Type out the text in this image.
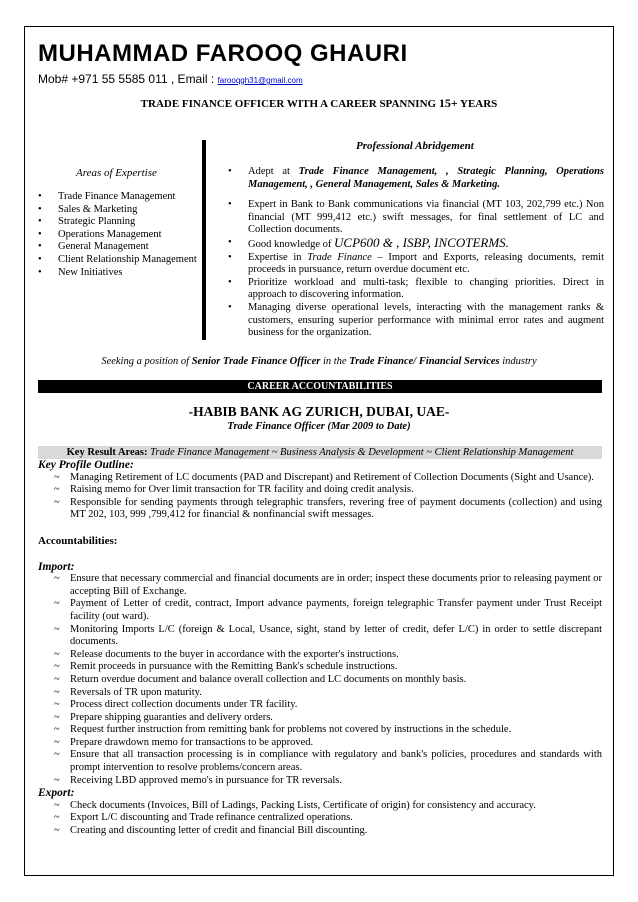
MUHAMMAD FAROOQ GHAURI
Mob# +971 55 5585 011 , Email : farooqgh31@gmail.com
TRADE FINANCE OFFICER WITH A CAREER SPANNING 15+ YEARS
Areas of Expertise
• Trade Finance Management
• Sales & Marketing
• Strategic Planning
• Operations Management
• General Management
• Client Relationship Management
• New Initiatives
Professional Abridgement
• Adept at Trade Finance Management, , Strategic Planning, Operations Management, , General Management, Sales & Marketing.
• Expert in Bank to Bank communications via financial (MT 103, 202,799 etc.) Non financial (MT 999,412 etc.) swift messages, for final settlement of LC and Collection documents.
• Good knowledge of UCP600 & , ISBP, INCOTERMS.
• Expertise in Trade Finance – Import and Exports, releasing documents, remit proceeds in pursuance, return overdue document etc.
• Prioritize workload and multi-task; flexible to changing priorities. Direct in approach to discovering information.
• Managing diverse operational levels, interacting with the management ranks & customers, ensuring superior performance with minimal error rates and augment business for the organization.
Seeking a position of Senior Trade Finance Officer in the Trade Finance/ Financial Services industry
CAREER ACCOUNTABILITIES
-HABIB BANK AG ZURICH, DUBAI, UAE-
Trade Finance Officer (Mar 2009 to Date)
Key Result Areas: Trade Finance Management ~ Business Analysis & Development ~ Client Relationship Management
Key Profile Outline:
~ Managing Retirement of LC documents (PAD and Discrepant) and Retirement of Collection Documents (Sight and Usance).
~ Raising memo for Over limit transaction for TR facility and doing credit analysis.
~ Responsible for sending payments through telegraphic transfers, revering free of payment documents (collection) and using MT 202, 103, 999 ,799,412 for financial & nonfinancial swift messages.
Accountabilities:
Import:
~ Ensure that necessary commercial and financial documents are in order; inspect these documents prior to releasing payment or accepting Bill of Exchange.
~ Payment of Letter of credit, contract, Import advance payments, foreign telegraphic Transfer payment under Trust Receipt facility (out ward).
~ Monitoring Imports L/C (foreign & Local, Usance, sight, stand by letter of credit, defer L/C) in order to settle discrepant documents.
~ Release documents to the buyer in accordance with the exporter's instructions.
~ Remit proceeds in pursuance with the Remitting Bank's schedule instructions.
~ Return overdue document and balance overall collection and LC documents on monthly basis.
~ Reversals of TR upon maturity.
~ Process direct collection documents under TR facility.
~ Prepare shipping guaranties and delivery orders.
~ Request further instruction from remitting bank for problems not covered by instructions in the schedule.
~ Prepare drawdown memo for transactions to be approved.
~ Ensure that all transaction processing is in compliance with regulatory and bank's policies, procedures and standards with prompt intervention to resolve problems/concern areas.
~ Receiving LBD approved memo's in pursuance for TR reversals.
Export:
~ Check documents (Invoices, Bill of Ladings, Packing Lists, Certificate of origin) for consistency and accuracy.
~ Export L/C discounting and Trade refinance centralized operations.
~ Creating and discounting letter of credit and financial Bill discounting.
